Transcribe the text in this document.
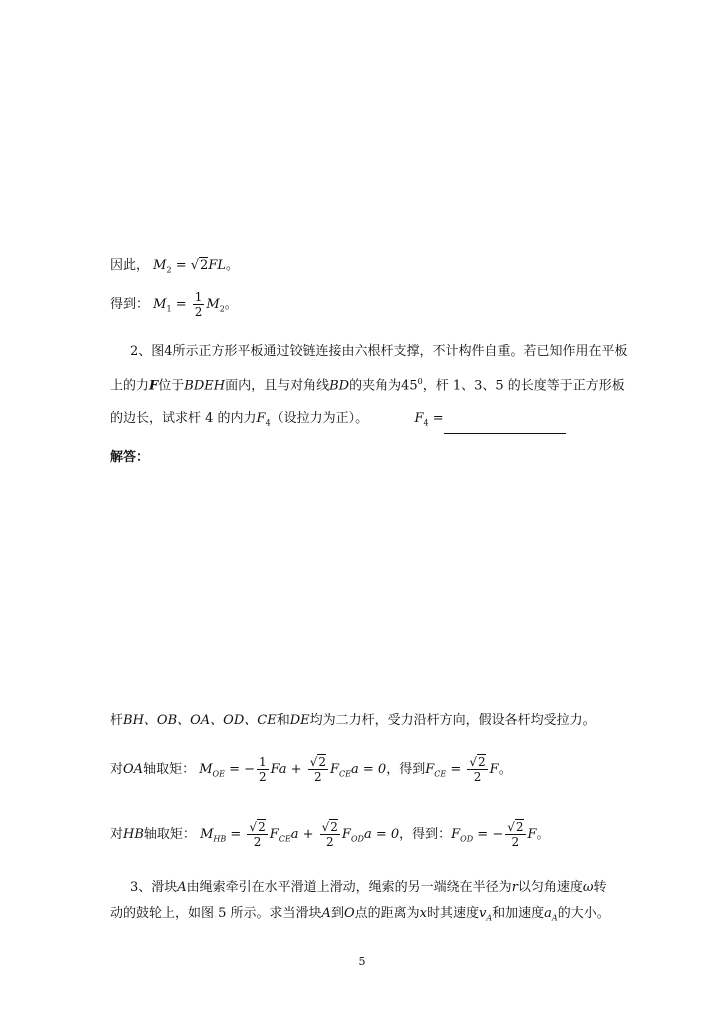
因此， $M_2 = √2FL$。
得到： $M_1 = \frac{1}{2} M_2$。
2、图4所示正方形平板通过铰链连接由六根杆支撑，不计构件自重。若已知作用在平板
上的力F位于BDEH面内，且与对角线BD的夹角为$45^0$，杆 1、3、5 的长度等于正方形板
的边长，试求杆 4 的内力$F_4$（设拉力为正）。	$F_4$ =
解答：
杆BH、OB、OA、OD、CE和DE均为二力杆，受力沿杆方向，假设各杆均受拉力。
对OA轴取矩： $M_{OE}$ = − $\frac{1}{2}$ $Fa + \frac{√2}{2} F_{CE}a = 0$，得到$F_{CE} = \frac{√2}{2}$ F。
对HB轴取矩： $M_{HB} = \frac{√2}{2} F_{CE}a + \frac{√2}{2} F_{OD}a = 0$，得到：$F_{OD}$ = − $\frac{√2}{2}$ F。
3、滑块A由绳索牵引在水平滑道上滑动，绳索的另一端绕在半径为r以匀角速度ω转
动的鼓轮上，如图 5 所示。求当滑块A到O点的距离为x时其速度$v_A$和加速度$a_A$的大小。
5
